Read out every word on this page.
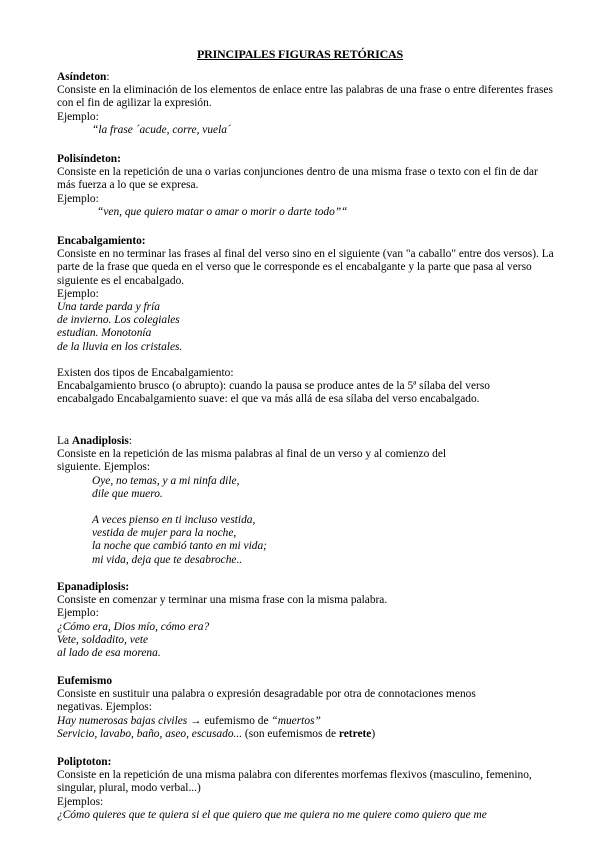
PRINCIPALES FIGURAS RETÓRICAS
Asíndeton:
Consiste en la eliminación de los elementos de enlace entre las palabras de una frase o entre diferentes frases
con el fin de agilizar la expresión.
Ejemplo:
“la frase ´acude, corre, vuela´
Polisíndeton:
Consiste en la repetición de una o varias conjunciones dentro de una misma frase o texto con el fin de dar
más fuerza a lo que se expresa.
Ejemplo:
“ven, que quiero matar o amar o morir o darte todo”“
Encabalgamiento:
Consiste en no terminar las frases al final del verso sino en el siguiente (van "a caballo" entre dos versos). La
parte de la frase que queda en el verso que le corresponde es el encabalgante y la parte que pasa al verso
siguiente es el encabalgado.
Ejemplo:
Una tarde parda y fría
de invierno. Los colegiales
estudian. Monotonía
de la lluvia en los cristales.
Existen dos tipos de Encabalgamiento:
Encabalgamiento brusco (o abrupto): cuando la pausa se produce antes de la 5ª sílaba del verso
encabalgado Encabalgamiento suave: el que va más allá de esa sílaba del verso encabalgado.
La Anadiplosis:
Consiste en la repetición de las misma palabras al final de un verso y al comienzo del
siguiente. Ejemplos:
Oye, no temas, y a mi ninfa dile,
dile que muero.
A veces pienso en ti incluso vestida,
vestida de mujer para la noche,
la noche que cambió tanto en mi vida;
mi vida, deja que te desabroche..
Epanadiplosis:
Consiste en comenzar y terminar una misma frase con la misma palabra.
Ejemplo:
¿Cómo era, Dios mío, cómo era?
Vete, soldadito, vete
al lado de esa morena.
Eufemismo
Consiste en sustituir una palabra o expresión desagradable por otra de connotaciones menos
negativas. Ejemplos:
Hay numerosas bajas civiles → eufemismo de “muertos”
Servicio, lavabo, baño, aseo, escusado... (son eufemismos de retrete)
Poliptoton:
Consiste en la repetición de una misma palabra con diferentes morfemas flexivos (masculino, femenino,
singular, plural, modo verbal...)
Ejemplos:
¿Cómo quieres que te quiera si el que quiero que me quiera no me quiere como quiero que me
